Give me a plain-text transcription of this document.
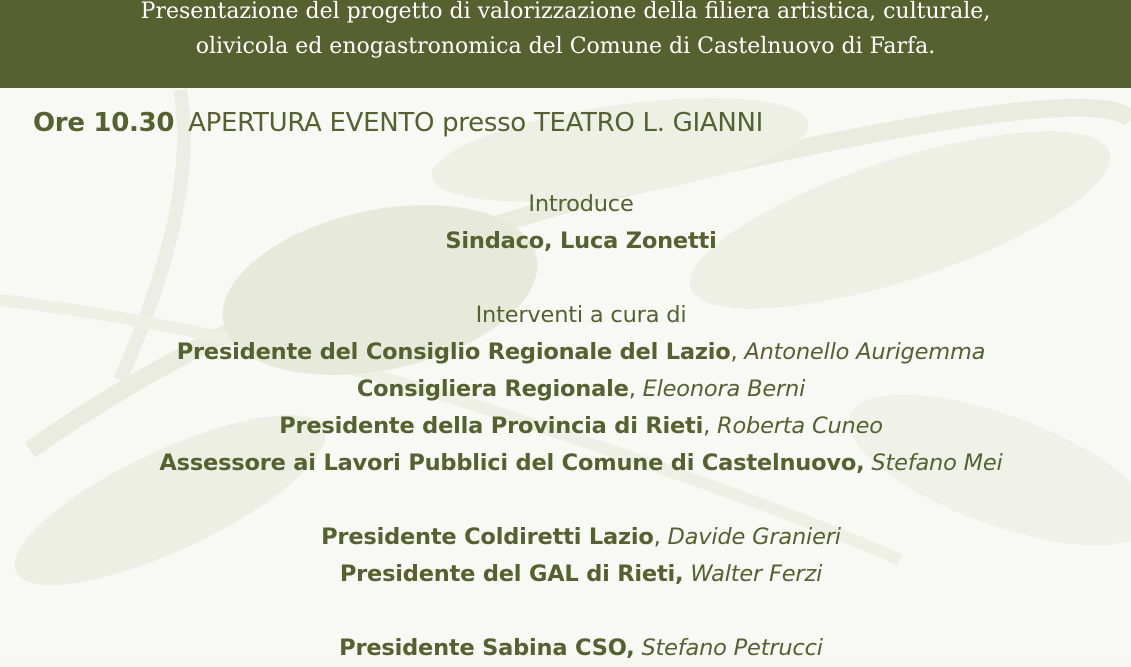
Presentazione del progetto di valorizzazione della filiera artistica, culturale,
olivicola ed enogastronomica del Comune di Castelnuovo di Farfa.
Ore 10.30 APERTURA EVENTO presso TEATRO L. GIANNI
Introduce
Sindaco, Luca Zonetti
Interventi a cura di
Presidente del Consiglio Regionale del Lazio, Antonello Aurigemma
Consigliera Regionale, Eleonora Berni
Presidente della Provincia di Rieti, Roberta Cuneo
Assessore ai Lavori Pubblici del Comune di Castelnuovo, Stefano Mei
Presidente Coldiretti Lazio, Davide Granieri
Presidente del GAL di Rieti, Walter Ferzi
Presidente Sabina CSO, Stefano Petrucci
